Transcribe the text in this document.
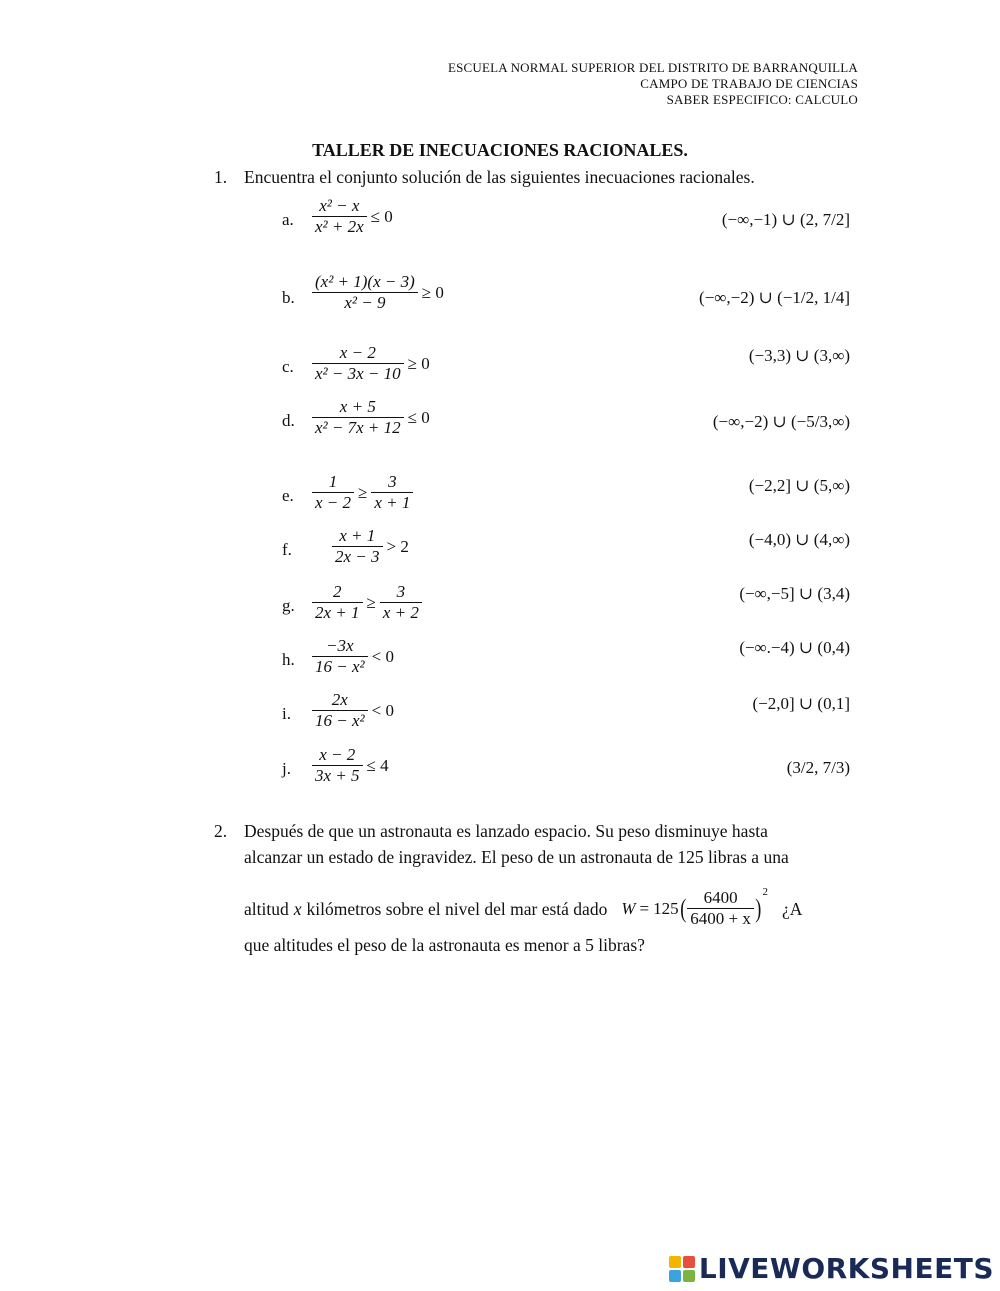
ESCUELA NORMAL SUPERIOR DEL DISTRITO DE BARRANQUILLA
CAMPO DE TRABAJO DE CIENCIAS
SABER ESPECIFICO: CALCULO
TALLER DE INECUACIONES RACIONALES.
1. Encuentra el conjunto solución de las siguientes inecuaciones racionales.
a. $\frac{\text{x² − x}}{\text{x² + 2x}} \le 0$	(−∞,−1) ∪ (2, 7/2]
b. $\frac{\text{(x² + 1)(x − 3)}}{\text{x² − 9}} \ge 0$	(−∞,−2) ∪ (−1/2, 1/4]
c. $\frac{x - 2}{\text{x² − 3x − 10}} \ge 0$	(−3,3) ∪ (3,∞)
d. $\frac{x + 5}{\text{x² − 7x + 12}} \le 0$	(−∞,−2) ∪ (−5/3,∞)
e. $\frac{1}{x - 2} \ge \frac{3}{x + 1}$	(−2,2] ∪ (5,∞)
f. $\frac{x + 1}{2x - 3} > 2$	(−4,0) ∪ (4,∞)
g. $\frac{2}{2x + 1} \ge \frac{3}{x + 2}$	(−∞,−5] ∪ (3,4)
h. $\frac{-3x}{\text{16 − x²}} < 0$	(−∞.−4) ∪ (0,4)
i. $\frac{2x}{\text{16 − x²}} < 0$	(−2,0] ∪ (0,1]
j. $\frac{x - 2}{3x + 5} \le 4$	(3/2, 7/3)
2. Después de que un astronauta es lanzado espacio. Su peso disminuye hasta
alcanzar un estado de ingravidez. El peso de un astronauta de 125 libras a una
altitud x kilómetros sobre el nivel del mar está dado W = 125 ( $\frac{6400}{6400 + x}$ )
2
¿A
que altitudes el peso de la astronauta es menor a 5 libras?
LIVEWORKSHEETS
